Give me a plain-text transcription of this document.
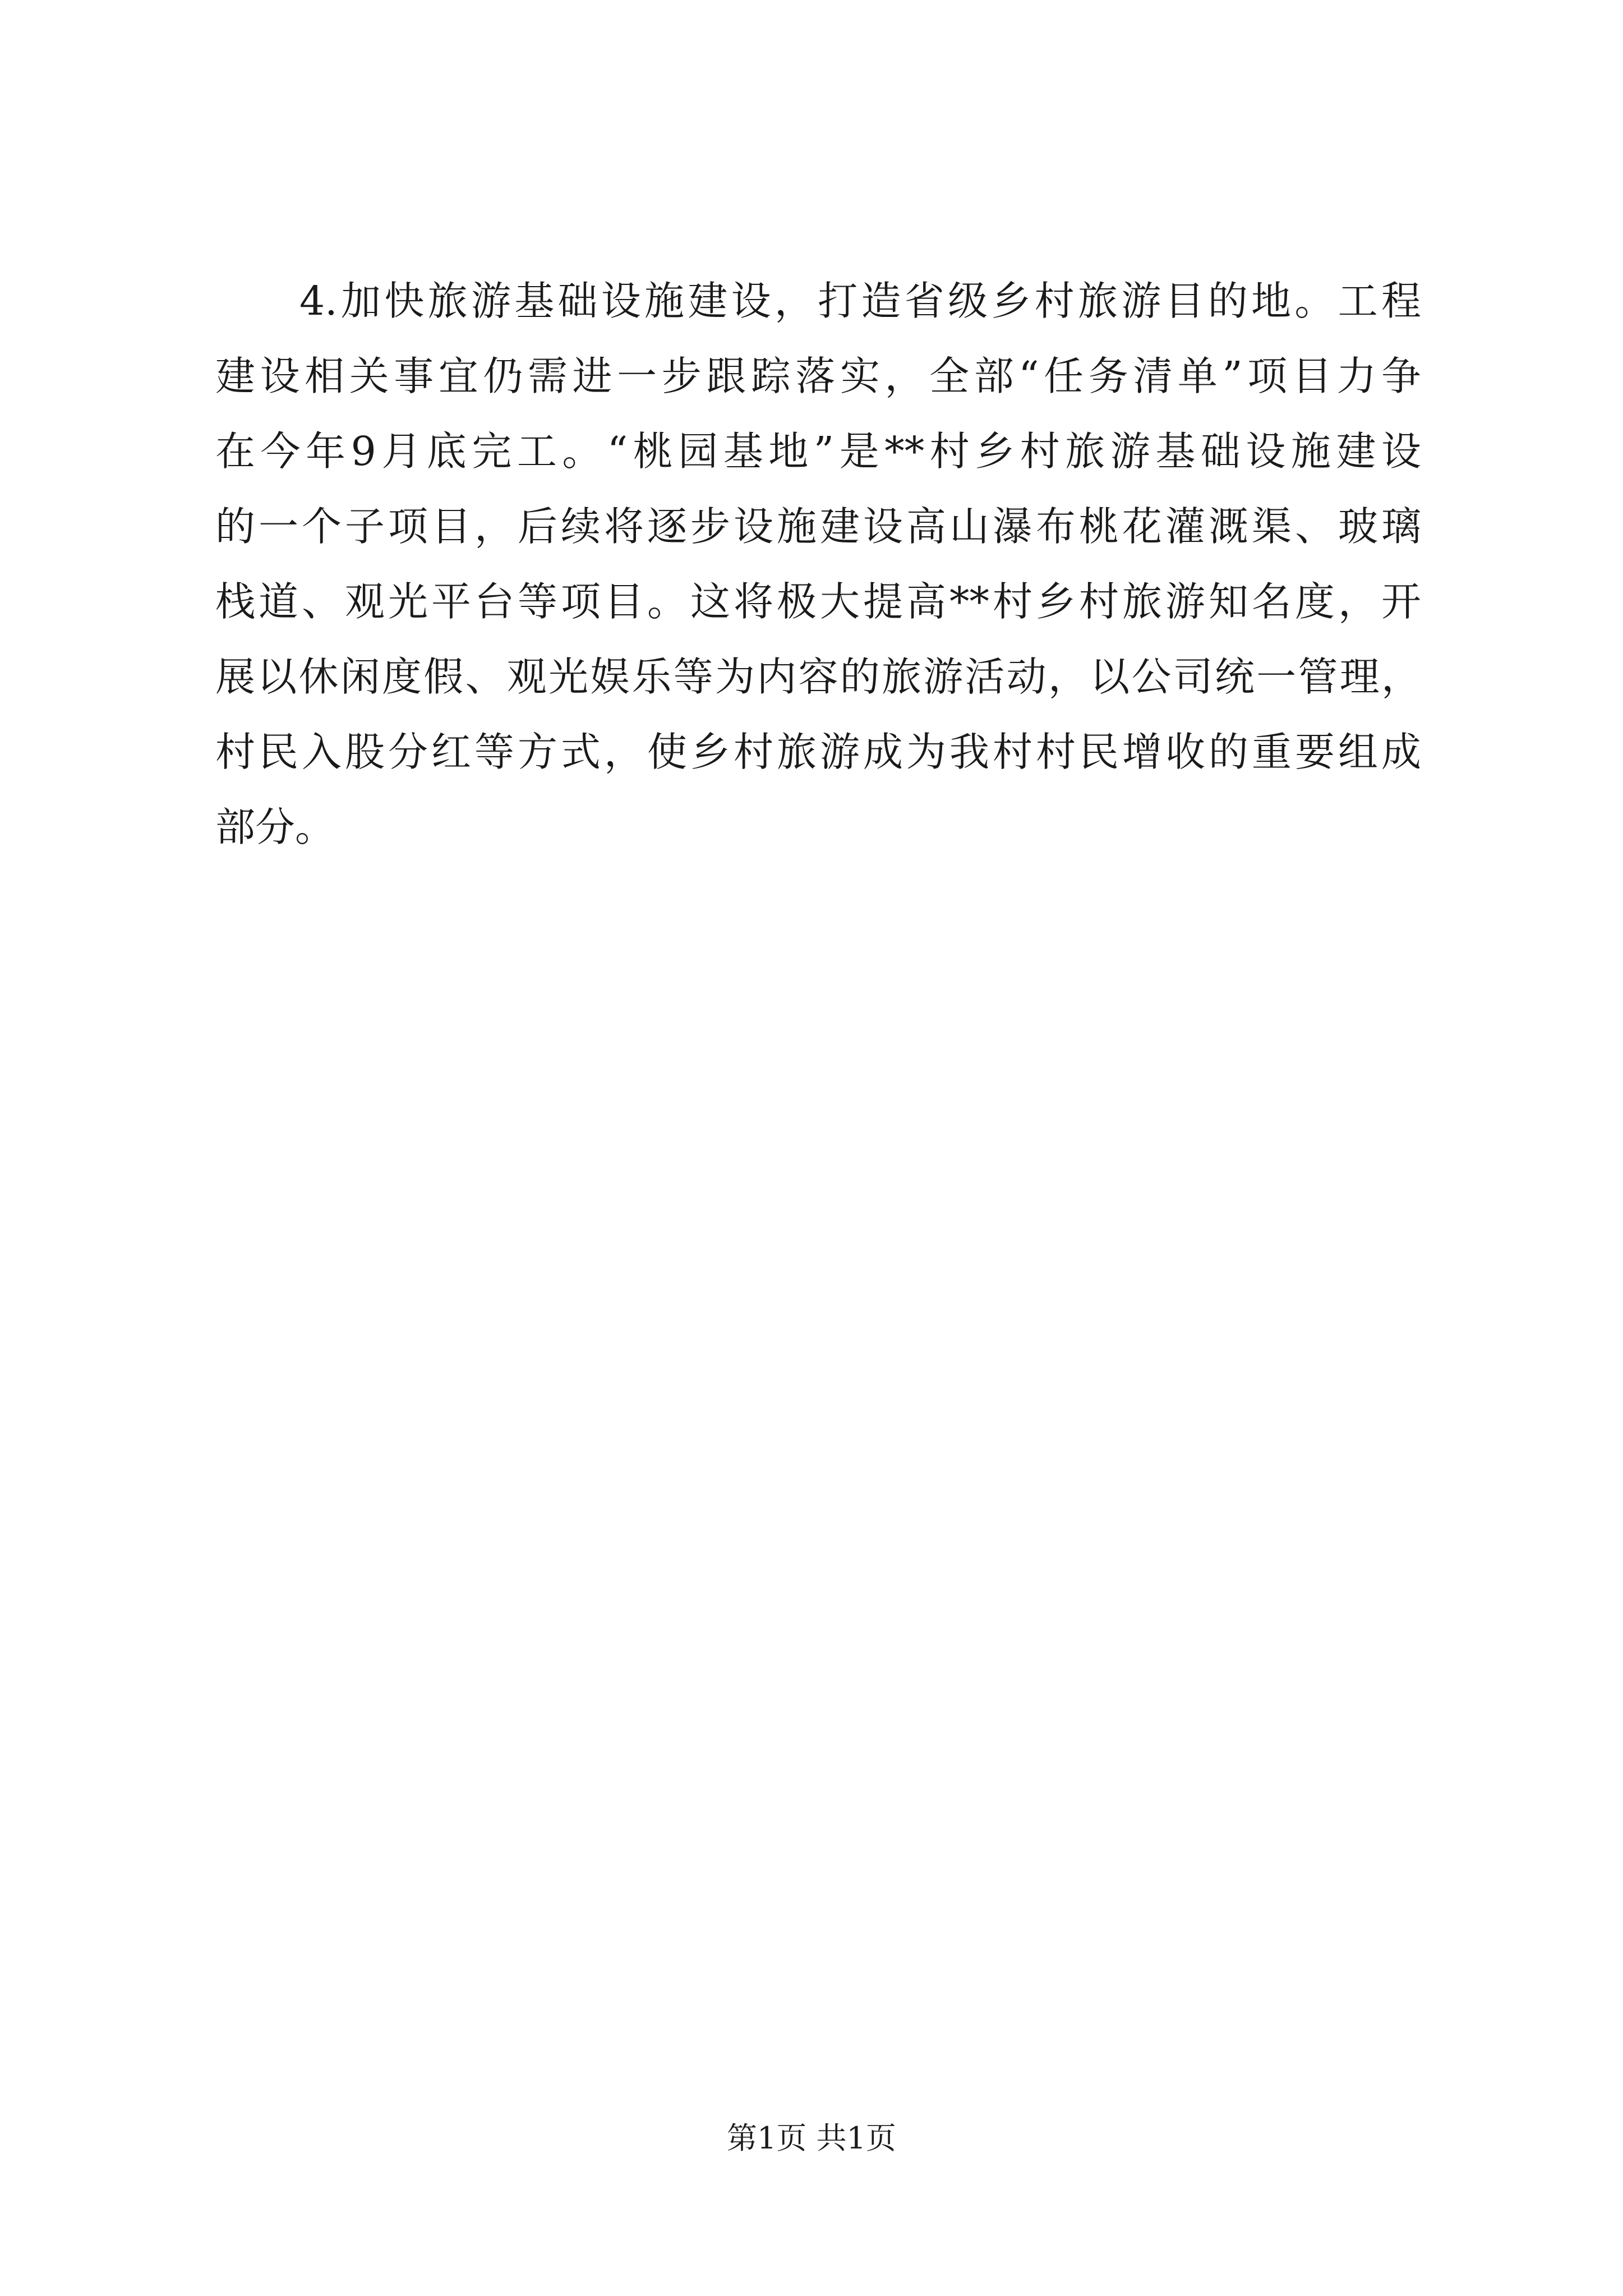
4.加快旅游基础设施建设，打造省级乡村旅游目的地。工程
建设相关事宜仍需进一步跟踪落实，全部“任务清单”项目力争
在今年9月底完工。“桃园基地”是**村乡村旅游基础设施建设
的一个子项目，后续将逐步设施建设高山瀑布桃花灌溉渠、玻璃
栈道、观光平台等项目。这将极大提高**村乡村旅游知名度，开
展以休闲度假、观光娱乐等为内容的旅游活动，以公司统一管理，
村民入股分红等方式，使乡村旅游成为我村村民增收的重要组成
部分。
第1页 共1页
